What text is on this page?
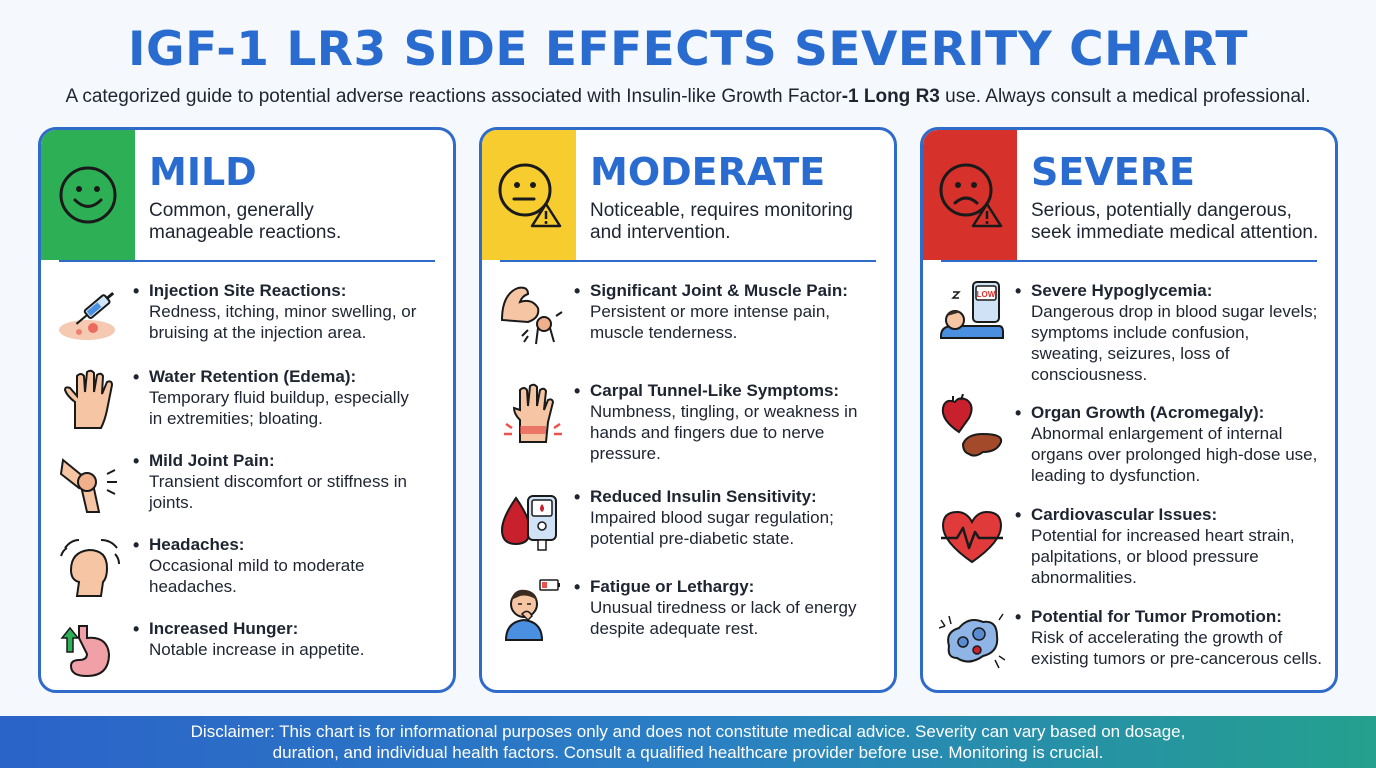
IGF-1 LR3 SIDE EFFECTS SEVERITY CHART
A categorized guide to potential adverse reactions associated with Insulin-like Growth Factor-1 Long R3 use. Always consult a medical professional.
MILD
Common, generally
manageable reactions.
• Injection Site Reactions:
Redness, itching, minor swelling, or
bruising at the injection area.
• Water Retention (Edema):
Temporary fluid buildup, especially
in extremities; bloating.
• Mild Joint Pain:
Transient discomfort or stiffness in
joints.
• Headaches:
Occasional mild to moderate
headaches.
• Increased Hunger:
Notable increase in appetite.
MODERATE
Noticeable, requires monitoring
and intervention.
• Significant Joint & Muscle Pain:
Persistent or more intense pain,
muscle tenderness.
• Carpal Tunnel-Like Symptoms:
Numbness, tingling, or weakness in
hands and fingers due to nerve
pressure.
• Reduced Insulin Sensitivity:
Impaired blood sugar regulation;
potential pre-diabetic state.
• Fatigue or Lethargy:
Unusual tiredness or lack of energy
despite adequate rest.
SEVERE
Serious, potentially dangerous,
seek immediate medical attention.
LOW • Severe Hypoglycemia:
Dangerous drop in blood sugar levels;
symptoms include confusion,
sweating, seizures, loss of
consciousness.
• Organ Growth (Acromegaly):
Abnormal enlargement of internal
organs over prolonged high-dose use,
leading to dysfunction.
• Cardiovascular Issues:
Potential for increased heart strain,
palpitations, or blood pressure
abnormalities.
• Potential for Tumor Promotion:
Risk of accelerating the growth of
existing tumors or pre-cancerous cells.
Disclaimer: This chart is for informational purposes only and does not constitute medical advice. Severity can vary based on dosage,
duration, and individual health factors. Consult a qualified healthcare provider before use. Monitoring is crucial.
